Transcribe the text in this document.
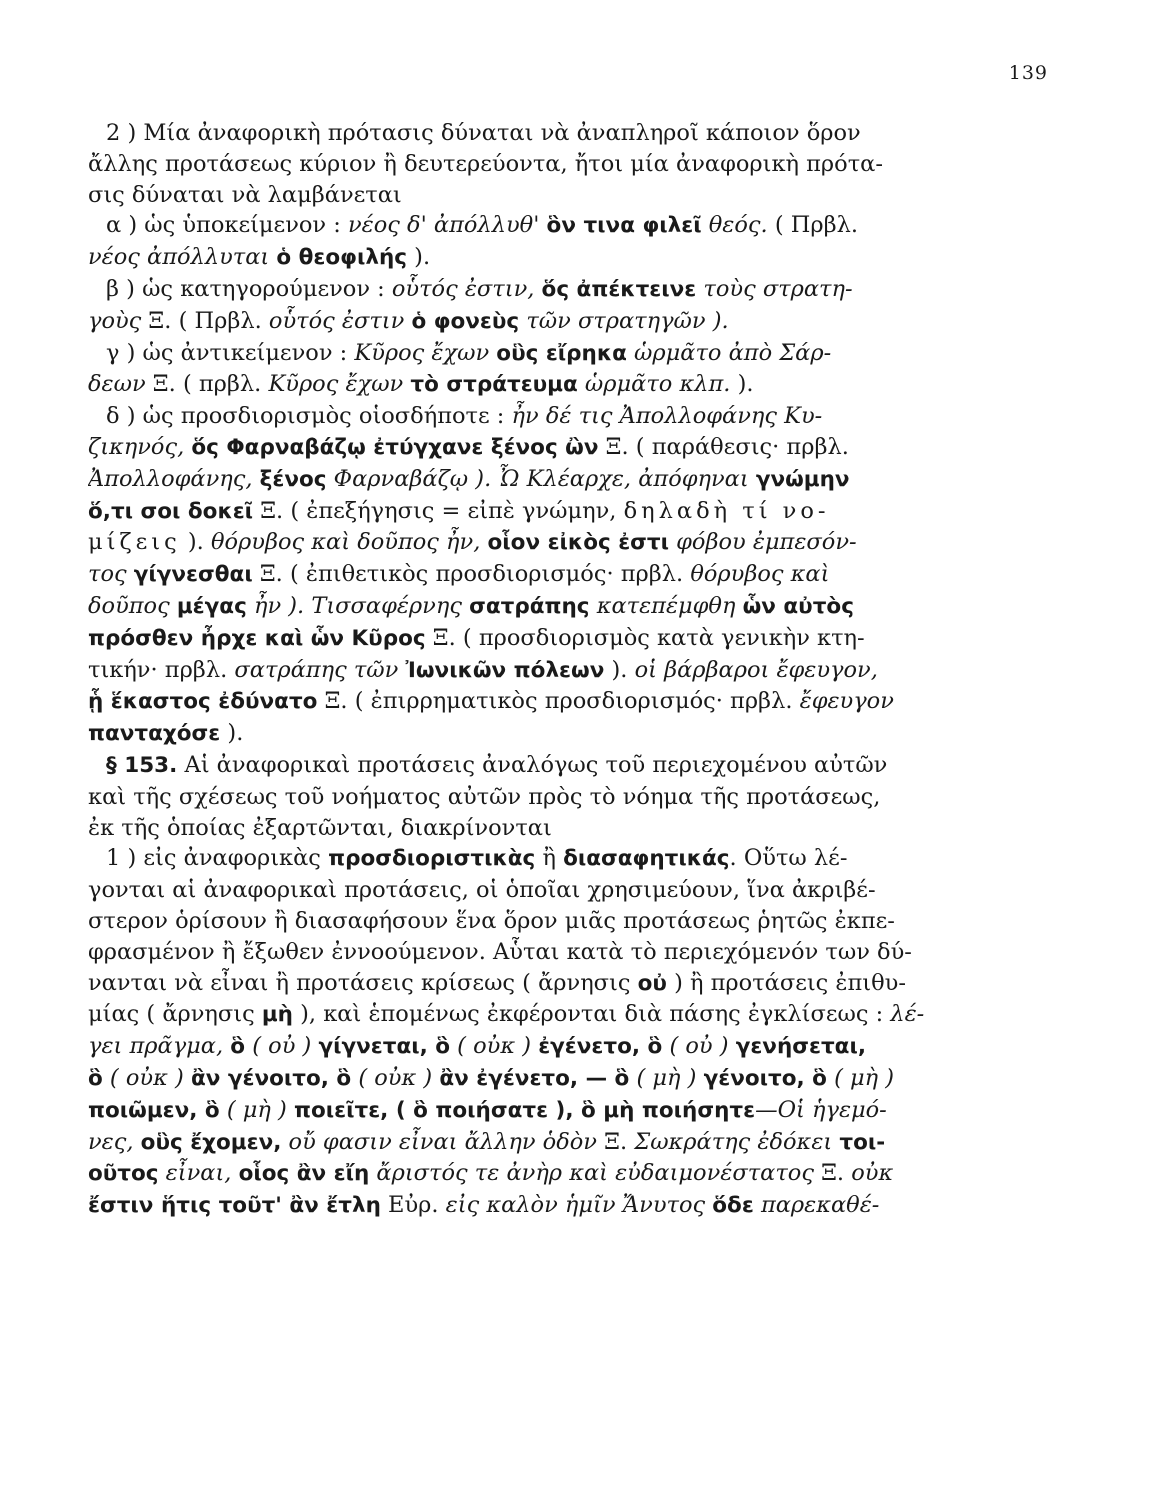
139
2 ) Μία ἀναφορικὴ πρότασις δύναται νὰ ἀναπληροῖ κάποιον ὅρον
ἄλλης προτάσεως κύριον ἢ δευτερεύοντα, ἤτοι μία ἀναφορικὴ πρότα-
σις δύναται νὰ λαμβάνεται
α ) ὡς ὑποκείμενον : νέος δ' ἀπόλλυθ' ὃν τινα φιλεῖ θεός. ( Πρβλ.
νέος ἀπόλλυται ὁ θεοφιλής ).
β ) ὡς κατηγορούμενον : οὗτός ἐστιν, ὅς ἀπέκτεινε τοὺς στρατη-
γοὺς Ξ. ( Πρβλ. οὗτός ἐστιν ὁ φονεὺς τῶν στρατηγῶν ).
γ ) ὡς ἀντικείμενον : Κῦρος ἔχων οὓς εἴρηκα ὡρμᾶτο ἀπὸ Σάρ-
δεων Ξ. ( πρβλ. Κῦρος ἔχων τὸ στράτευμα ὡρμᾶτο κλπ. ).
δ ) ὡς προσδιορισμὸς οἱοσδήποτε : ἦν δέ τις Ἀπολλοφάνης Κυ-
ζικηνός, ὅς Φαρναβάζῳ ἐτύγχανε ξένος ὢν Ξ. ( παράθεσις· πρβλ.
Ἀπολλοφάνης, ξένος Φαρναβάζῳ ). Ὦ Κλέαρχε, ἀπόφηναι γνώμην
ὅ,τι σοι δοκεῖ Ξ. ( ἐπεξήγησις = εἰπὲ γνώμην, δηλαδὴ τί νο-
μίζεις ). θόρυβος καὶ δοῦπος ἦν, οἷον εἰκὸς ἐστι φόβου ἐμπεσόν-
τος γίγνεσθαι Ξ. ( ἐπιθετικὸς προσδιορισμός· πρβλ. θόρυβος καὶ
δοῦπος μέγας ἦν ). Τισσαφέρνης σατράπης κατεπέμφθη ὧν αὐτὸς
πρόσθεν ἦρχε καὶ ὧν Κῦρος Ξ. ( προσδιορισμὸς κατὰ γενικὴν κτη-
τικήν· πρβλ. σατράπης τῶν Ἰωνικῶν πόλεων ). οἱ βάρβαροι ἔφευγον,
ᾗ ἕκαστος ἐδύνατο Ξ. ( ἐπιρρηματικὸς προσδιορισμός· πρβλ. ἔφευγον
πανταχόσε ).
§ 153. Αἱ ἀναφορικαὶ προτάσεις ἀναλόγως τοῦ περιεχομένου αὐτῶν
καὶ τῆς σχέσεως τοῦ νοήματος αὐτῶν πρὸς τὸ νόημα τῆς προτάσεως,
ἐκ τῆς ὁποίας ἐξαρτῶνται, διακρίνονται
1 ) εἰς ἀναφορικὰς προσδιοριστικὰς ἢ διασαφητικάς. Οὕτω λέ-
γονται αἱ ἀναφορικαὶ προτάσεις, οἱ ὁποῖαι χρησιμεύουν, ἵνα ἀκριβέ-
στερον ὁρίσουν ἢ διασαφήσουν ἕνα ὅρον μιᾶς προτάσεως ῥητῶς ἐκπε-
φρασμένον ἢ ἔξωθεν ἐννοούμενον. Αὗται κατὰ τὸ περιεχόμενόν των δύ-
νανται νὰ εἶναι ἢ προτάσεις κρίσεως ( ἄρνησις οὐ ) ἢ προτάσεις ἐπιθυ-
μίας ( ἄρνησις μὴ ), καὶ ἑπομένως ἐκφέρονται διὰ πάσης ἐγκλίσεως : λέ-
γει πρᾶγμα, ὃ ( οὐ ) γίγνεται, ὃ ( οὐκ ) ἐγένετο, ὃ ( οὐ ) γενήσεται,
ὃ ( οὐκ ) ἂν γένοιτο, ὃ ( οὐκ ) ἂν ἐγένετο, — ὃ ( μὴ ) γένοιτο, ὃ ( μὴ )
ποιῶμεν, ὃ ( μὴ ) ποιεῖτε, ( ὃ ποιήσατε ), ὃ μὴ ποιήσητε—Οἱ ἡγεμό-
νες, οὓς ἔχομεν, οὔ φασιν εἶναι ἄλλην ὁδὸν Ξ. Σωκράτης ἐδόκει τοι-
οῦτος εἶναι, οἷος ἂν εἴη ἄριστός τε ἀνὴρ καὶ εὐδαιμονέστατος Ξ. οὐκ
ἔστιν ἥτις τοῦτ' ἂν ἔτλη Εὐρ. εἰς καλὸν ἡμῖν Ἄνυτος ὅδε παρεκαθέ-
